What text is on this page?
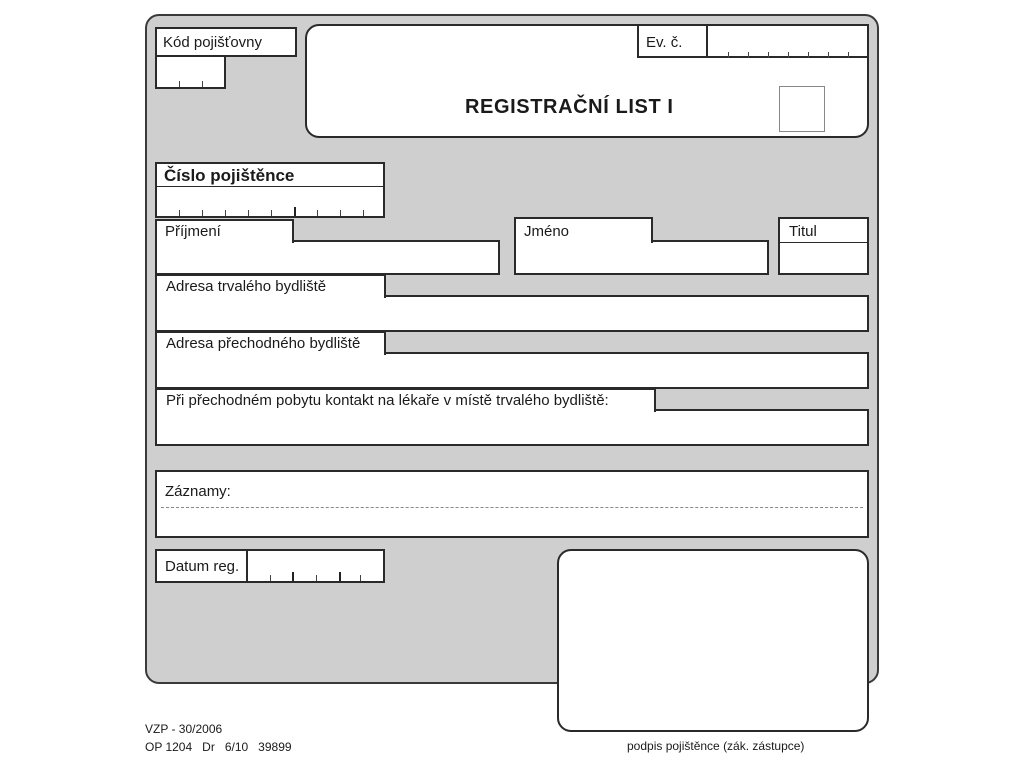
Kód pojišťovny
REGISTRAČNÍ LIST I
Ev. č.
Číslo pojištěnce
Příjmení	Jméno	Titul
Adresa trvalého bydliště
Adresa přechodného bydliště
Při přechodném pobytu kontakt na lékaře v místě trvalého bydliště:
Záznamy:
Datum reg.
podpis pojištěnce (zák. zástupce)
VZP - 30/2006
OP 1204   Dr   6/10   39899
